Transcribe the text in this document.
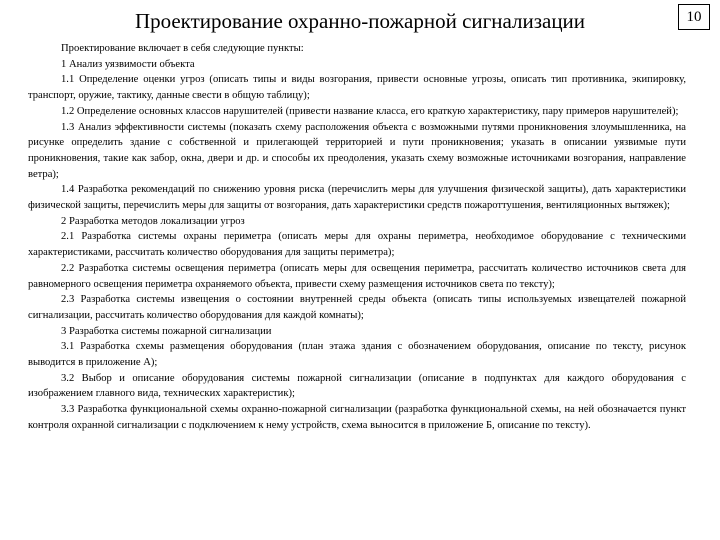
Проектирование охранно-пожарной сигнализации	10

Проектирование включает в себя следующие пункты:

1 Анализ уязвимости объекта

1.1 Определение оценки угроз (описать типы и виды возгорания, привести основные угрозы, описать тип противника, экипировку, транспорт, оружие, тактику, данные свести в общую таблицу);

1.2 Определение основных классов нарушителей (привести название класса, его краткую характеристику, пару примеров нарушителей);

1.3 Анализ эффективности системы (показать схему расположения объекта с возможными путями проникновения злоумышленника, на рисунке определить здание с собственной и прилегающей территорией и пути проникновения; указать в описании уязвимые пути проникновения, такие как забор, окна, двери и др. и способы их преодоления, указать схему возможные источниками возгорания, направление ветра);

1.4 Разработка рекомендаций по снижению уровня риска (перечислить меры для улучшения физической защиты), дать характеристики физической защиты, перечислить меры для защиты от возгорания, дать характеристики средств пожароттушения, вентиляционных вытяжек);

2 Разработка методов локализации угроз

2.1 Разработка системы охраны периметра (описать меры для охраны периметра, необходимое оборудование с техническими характеристиками, рассчитать количество оборудования для защиты периметра);

2.2 Разработка системы освещения периметра (описать меры для освещения периметра, рассчитать количество источников света для равномерного освещения периметра охраняемого объекта, привести схему размещения источников света по тексту);

2.3 Разработка системы извещения о состоянии внутренней среды объекта (описать типы используемых извещателей пожарной сигнализации, рассчитать количество оборудования для каждой комнаты);

3 Разработка системы пожарной сигнализации

3.1 Разработка схемы размещения оборудования (план этажа здания с обозначением оборудования, описание по тексту, рисунок выводится в приложение А);

3.2 Выбор и описание оборудования системы пожарной сигнализации (описание в подпунктах для каждого оборудования с изображением главного вида, технических характеристик);

3.3 Разработка функциональной схемы охранно-пожарной сигнализации (разработка функциональной схемы, на ней обозначается пункт контроля охранной сигнализации с подключением к нему устройств, схема выносится в приложение Б, описание по тексту).
